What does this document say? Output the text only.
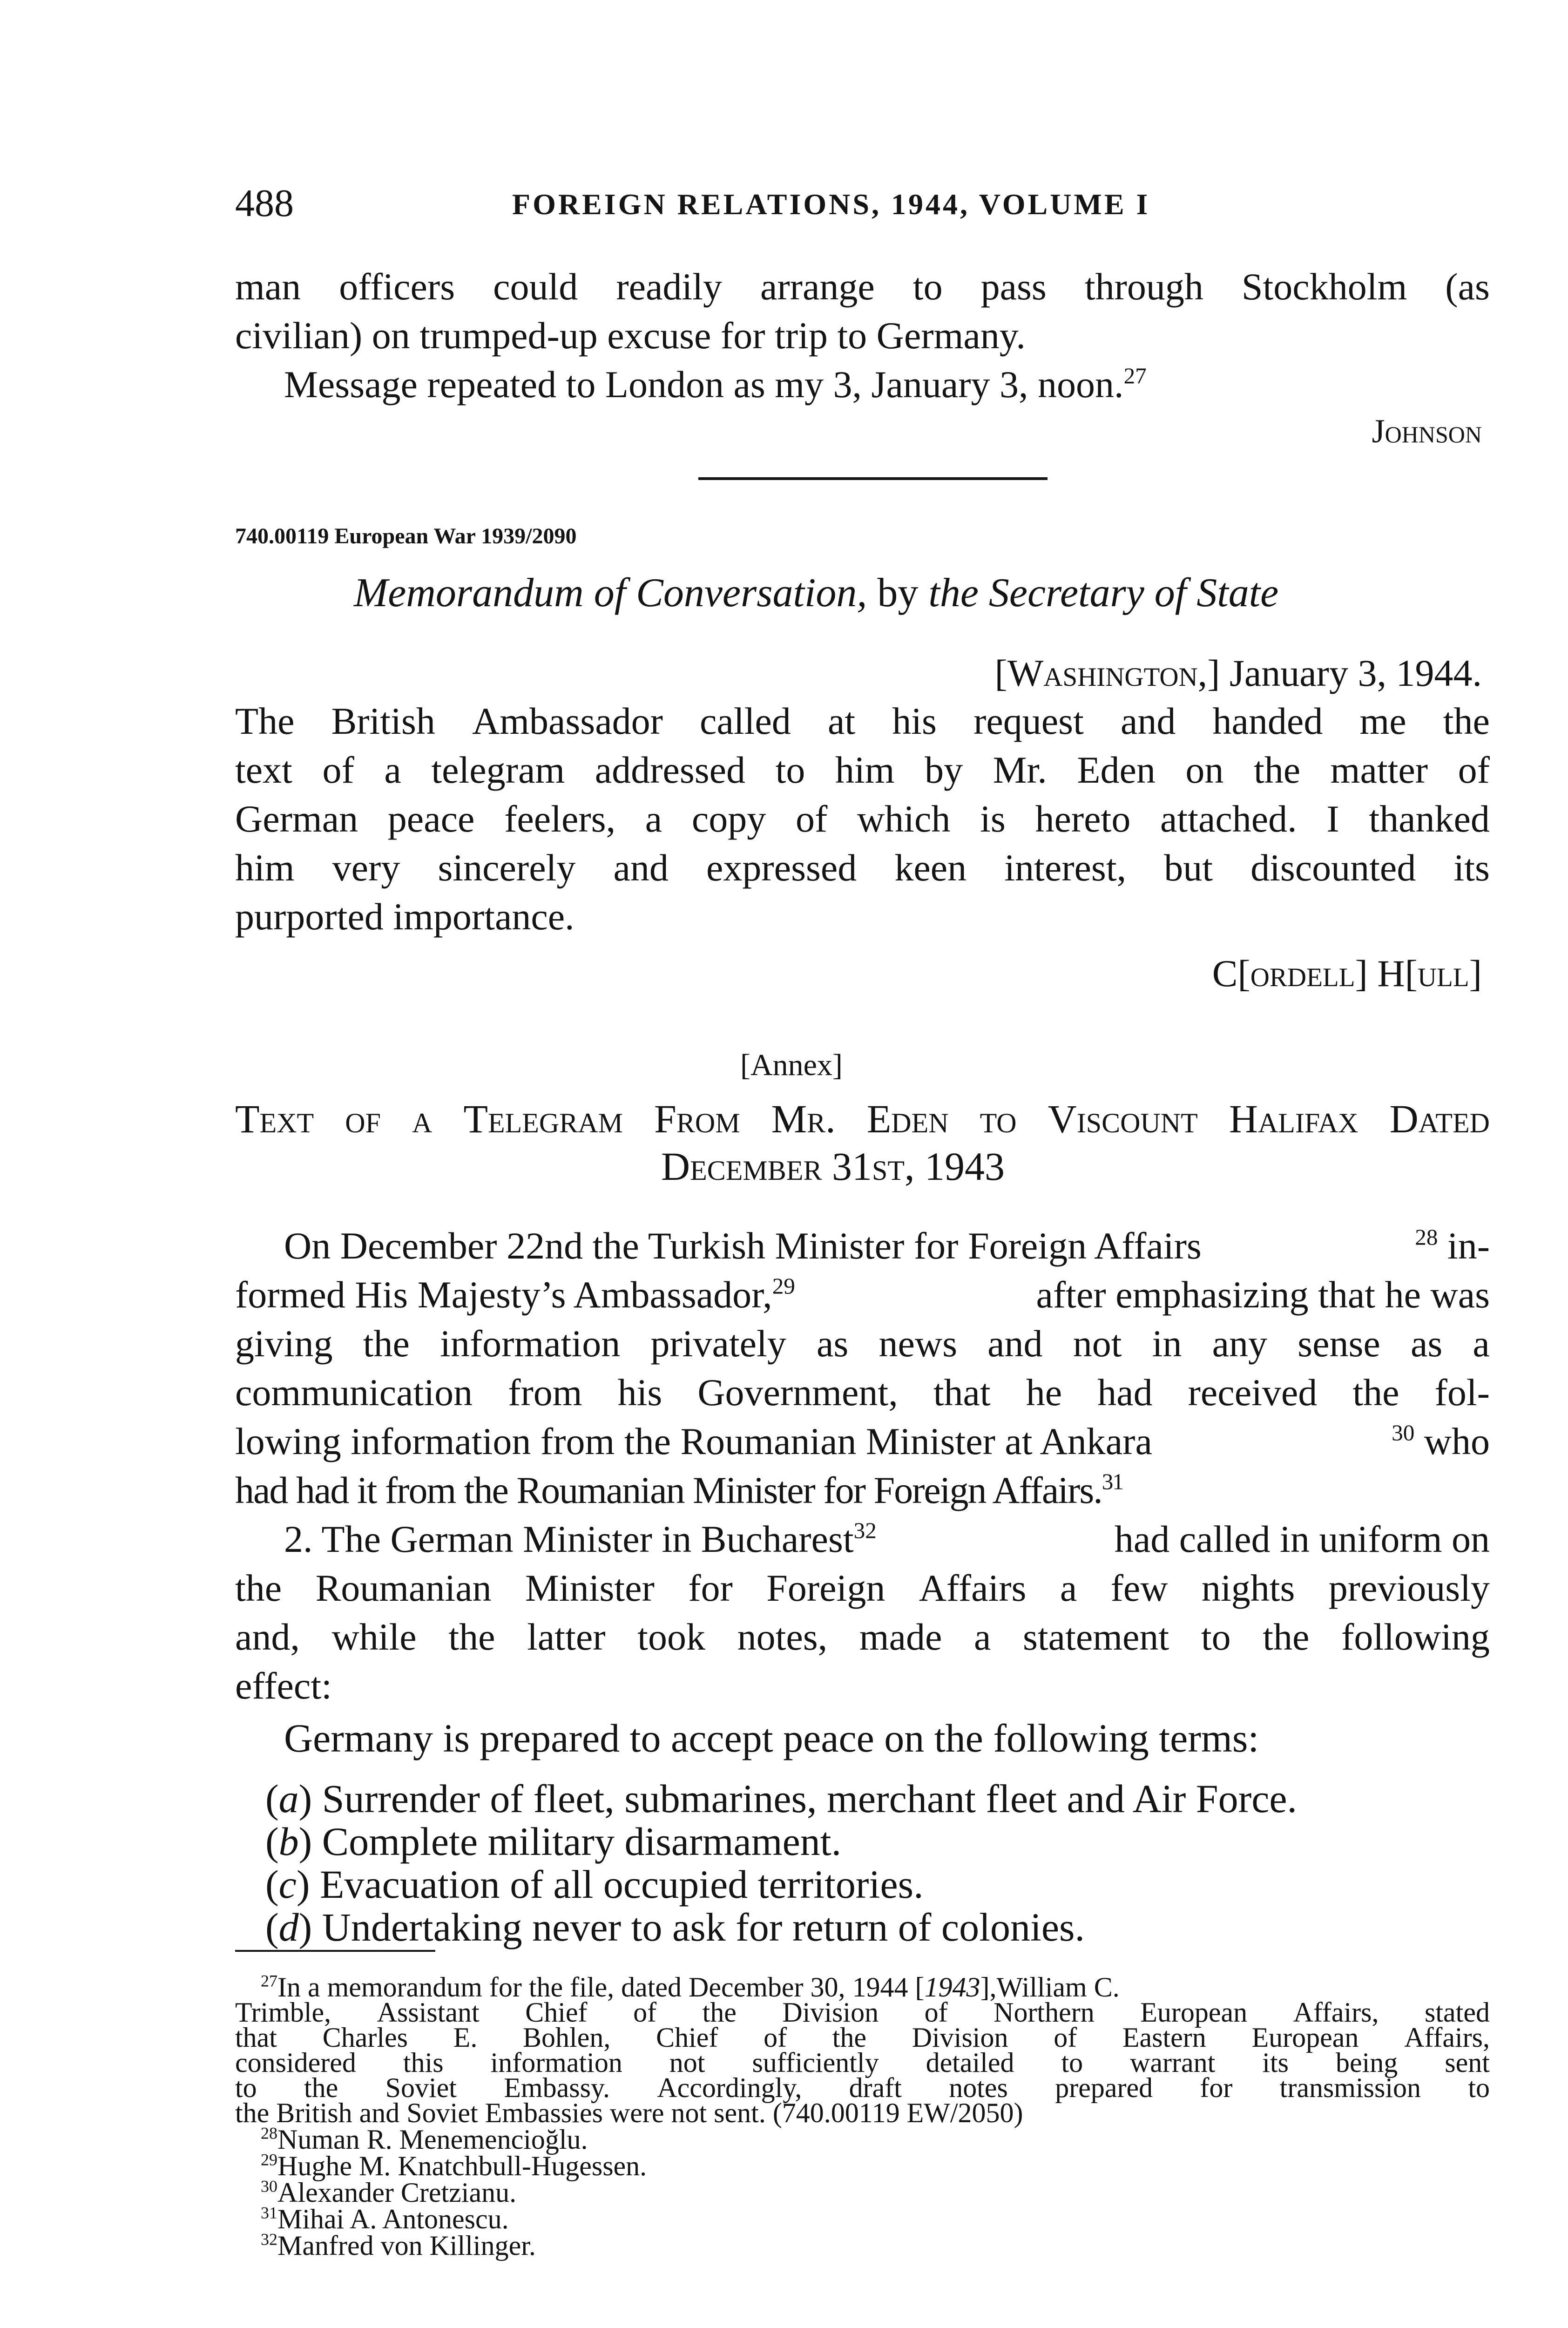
488	FOREIGN RELATIONS, 1944, VOLUME I
man officers could readily arrange to pass through Stockholm (as
civilian) on trumped-up excuse for trip to Germany.
Message repeated to London as my 3, January 3, noon.$^{27}$
Johnson
740.00119 European War 1939/2090
Memorandum of Conversation, by the Secretary of State
[Washington,] January 3, 1944.
The British Ambassador called at his request and handed me the
text of a telegram addressed to him by Mr. Eden on the matter of
German peace feelers, a copy of which is hereto attached. I thanked
him very sincerely and expressed keen interest, but discounted its
purported importance.
C[ordell] H[ull]
[Annex]
Text of a Telegram From Mr. Eden to Viscount Halifax Dated
December 31st, 1943
On December 22nd the Turkish Minister for Foreign Affairs	$^{28}$ in-
formed His Majesty’s Ambassador,$^{29}$	after emphasizing that he was
giving the information privately as news and not in any sense as a
communication from his Government, that he had received the fol-
lowing information from the Roumanian Minister at Ankara	$^{30}$ who
had had it from the Roumanian Minister for Foreign Affairs.$^{31}$
2. The German Minister in Bucharest$^{32}$	had called in uniform on
the Roumanian Minister for Foreign Affairs a few nights previously
and, while the latter took notes, made a statement to the following
effect:
Germany is prepared to accept peace on the following terms:
(a) Surrender of fleet, submarines, merchant fleet and Air Force.
(b) Complete military disarmament.
(c) Evacuation of all occupied territories.
(d) Undertaking never to ask for return of colonies.
$^{27}$In a memorandum for the file, dated December 30, 1944 [1943],William C.
Trimble, Assistant Chief of the Division of Northern European Affairs, stated
that Charles E. Bohlen, Chief of the Division of Eastern European Affairs,
considered this information not sufficiently detailed to warrant its being sent
to the Soviet Embassy. Accordingly, draft notes prepared for transmission to
the British and Soviet Embassies were not sent. (740.00119 EW/2050)
$^{28}$Numan R. Menemencioğlu.
$^{29}$Hughe M. Knatchbull-Hugessen.
$^{30}$Alexander Cretzianu.
$^{31}$Mihai A. Antonescu.
$^{32}$Manfred von Killinger.
